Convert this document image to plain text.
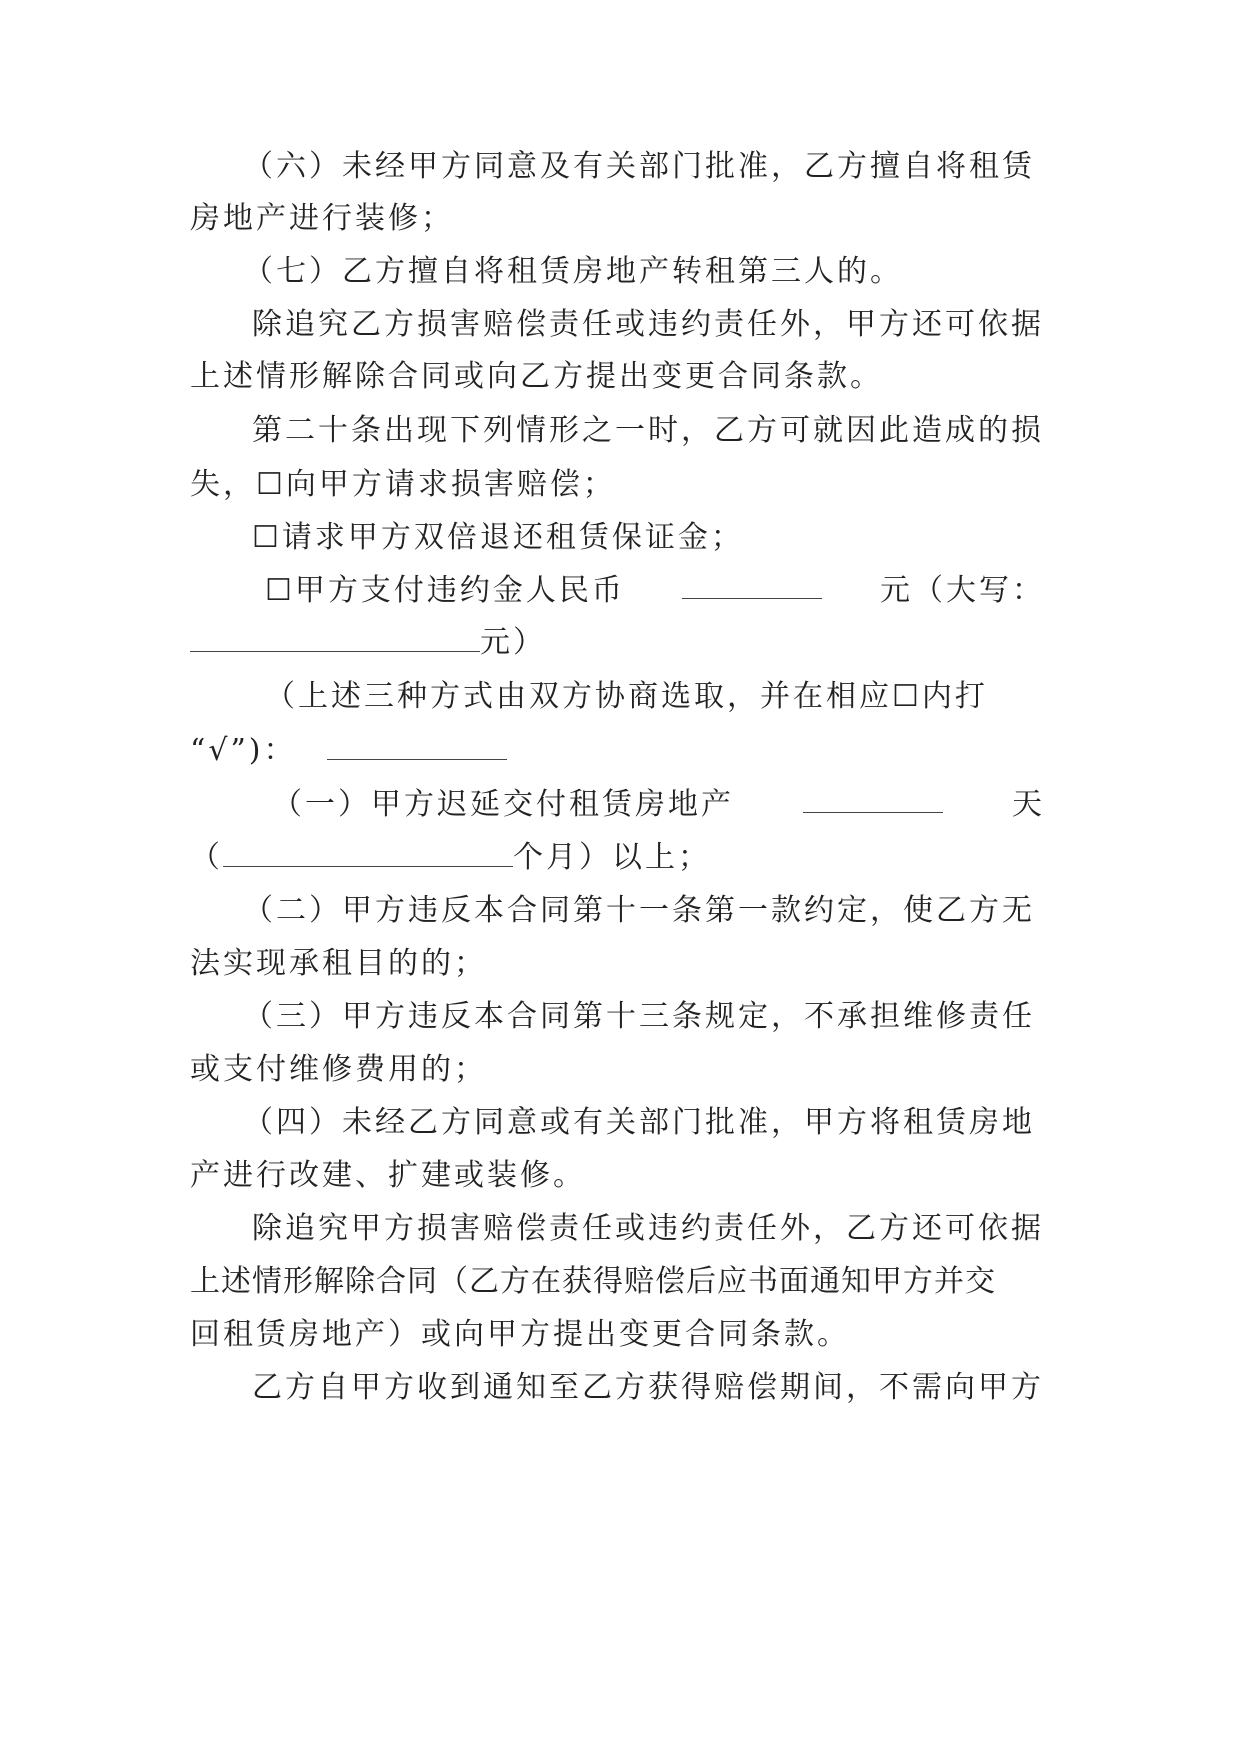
（六）未经甲方同意及有关部门批准，乙方擅自将租赁
房地产进行装修；
（七）乙方擅自将租赁房地产转租第三人的。
除追究乙方损害赔偿责任或违约责任外，甲方还可依据
上述情形解除合同或向乙方提出变更合同条款。
第二十条出现下列情形之一时，乙方可就因此造成的损
失，☐向甲方请求损害赔偿；
☐请求甲方双倍退还租赁保证金；
☐甲方支付违约金人民币	元（大写：
元）
（上述三种方式由双方协商选取，并在相应☐内打
“√”)：
（一）甲方迟延交付租赁房地产	天
（	个月）以上；
（二）甲方违反本合同第十一条第一款约定，使乙方无
法实现承租目的的；
（三）甲方违反本合同第十三条规定，不承担维修责任
或支付维修费用的；
（四）未经乙方同意或有关部门批准，甲方将租赁房地
产进行改建、扩建或装修。
除追究甲方损害赔偿责任或违约责任外，乙方还可依据
上述情形解除合同（乙方在获得赔偿后应书面通知甲方并交
回租赁房地产）或向甲方提出变更合同条款。
乙方自甲方收到通知至乙方获得赔偿期间，不需向甲方
